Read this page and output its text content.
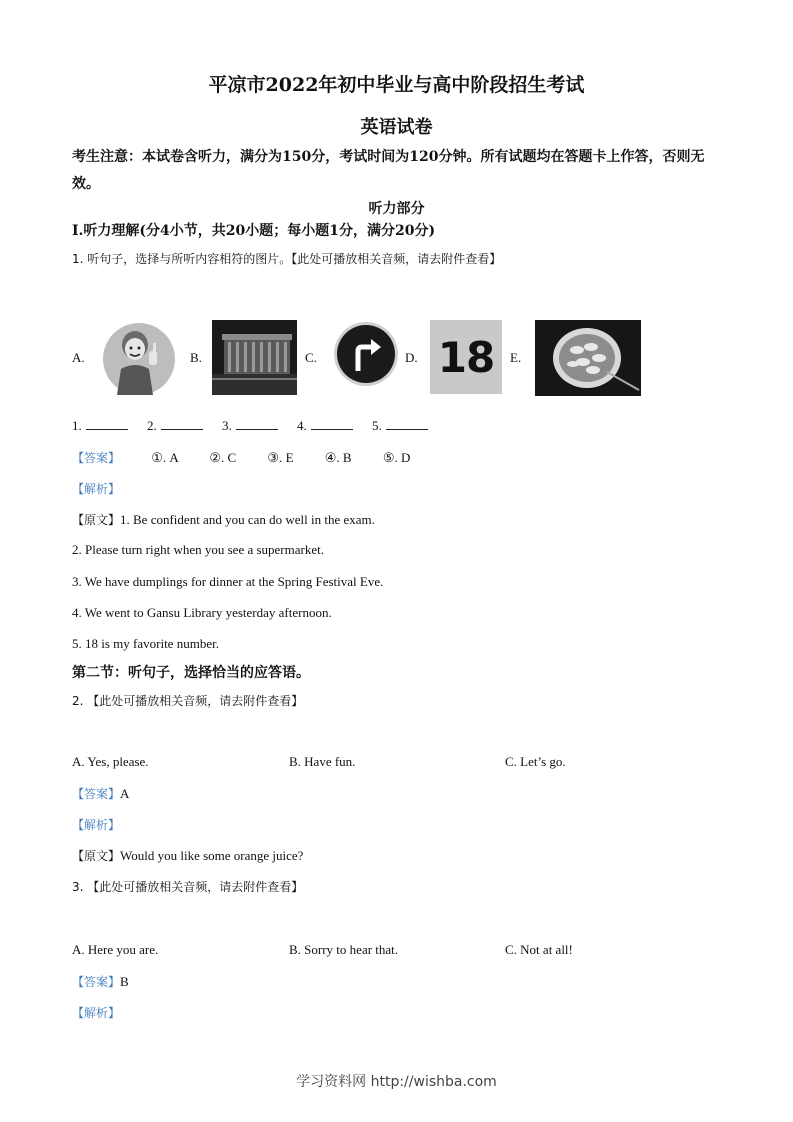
平凉市2022年初中毕业与高中阶段招生考试
英语试卷
考生注意：本试卷含听力，满分为150分，考试时间为120分钟。所有试题均在答题卡上作答，否则无效。
听力部分
I.听力理解(分4小节，共20小题；每小题1分，满分20分)
1. 听句子，选择与所听内容相符的图片。【此处可播放相关音频，请去附件查看】
A.	B.	C.	D. 18 E.
1.	2.	3.	4.	5.
【答案】 ①. A ②. C ③. E ④. B ⑤. D
【解析】
【原文】1. Be confident and you can do well in the exam.
2. Please turn right when you see a supermarket.
3. We have dumplings for dinner at the Spring Festival Eve.
4. We went to Gansu Library yesterday afternoon.
5. 18 is my favorite number.
第二节：听句子，选择恰当的应答语。
2. 【此处可播放相关音频，请去附件查看】
A. Yes, please.	B. Have fun.	C. Let’s go.
【答案】A
【解析】
【原文】Would you like some orange juice?
3. 【此处可播放相关音频，请去附件查看】
A. Here you are.	B. Sorry to hear that.	C. Not at all!
【答案】B
【解析】
学习资料网 http://wishba.com
